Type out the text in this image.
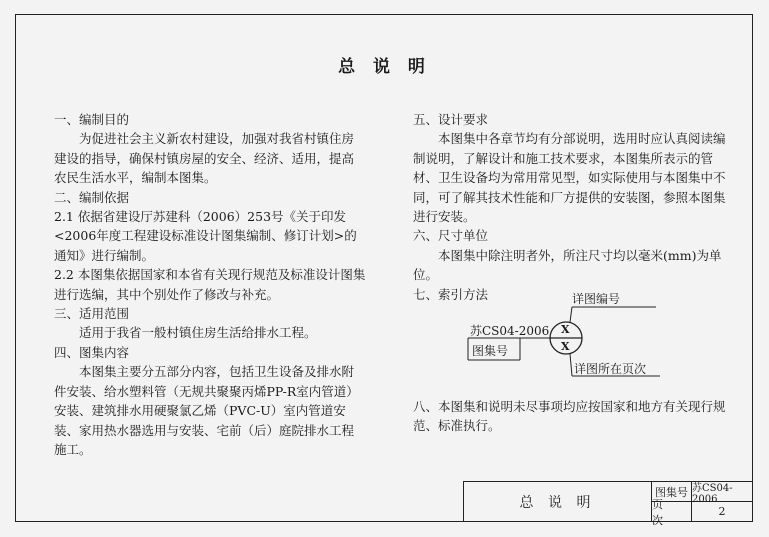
总 说 明

一、编制目的

为促进社会主义新农村建设，加强对我省村镇住房建设的指导，确保村镇房屋的安全、经济、适用，提高农民生活水平，编制本图集。

二、编制依据

2.1 依据省建设厅苏建科（2006）253号《关于印发<2006年度工程建设标准设计图集编制、修订计划>的通知》进行编制。

2.2 本图集依据国家和本省有关现行规范及标准设计图集进行选编，其中个别处作了修改与补充。

三、适用范围

适用于我省一般村镇住房生活给排水工程。

四、图集内容

本图集主要分五部分内容，包括卫生设备及排水附件安装、给水塑料管（无规共聚聚丙烯PP-R室内管道）安装、建筑排水用硬聚氯乙烯（PVC-U）室内管道安装、家用热水器选用与安装、宅前（后）庭院排水工程施工。

五、设计要求

本图集中各章节均有分部说明，选用时应认真阅读编制说明，了解设计和施工技术要求，本图集所表示的管材、卫生设备均为常用常见型，如实际使用与本图集中不同，可了解其技术性能和厂方提供的安装图，参照本图集进行安装。

六、尺寸单位

本图集中除注明者外，所注尺寸均以毫米(mm)为单位。

七、索引方法	详图编号
苏CS04-2006
图集号
X
X
详图所在页次

八、本图集和说明未尽事项均应按国家和地方有关现行规范、标准执行。

总 说 明
图集号 苏CS04-2006
页 次
2
